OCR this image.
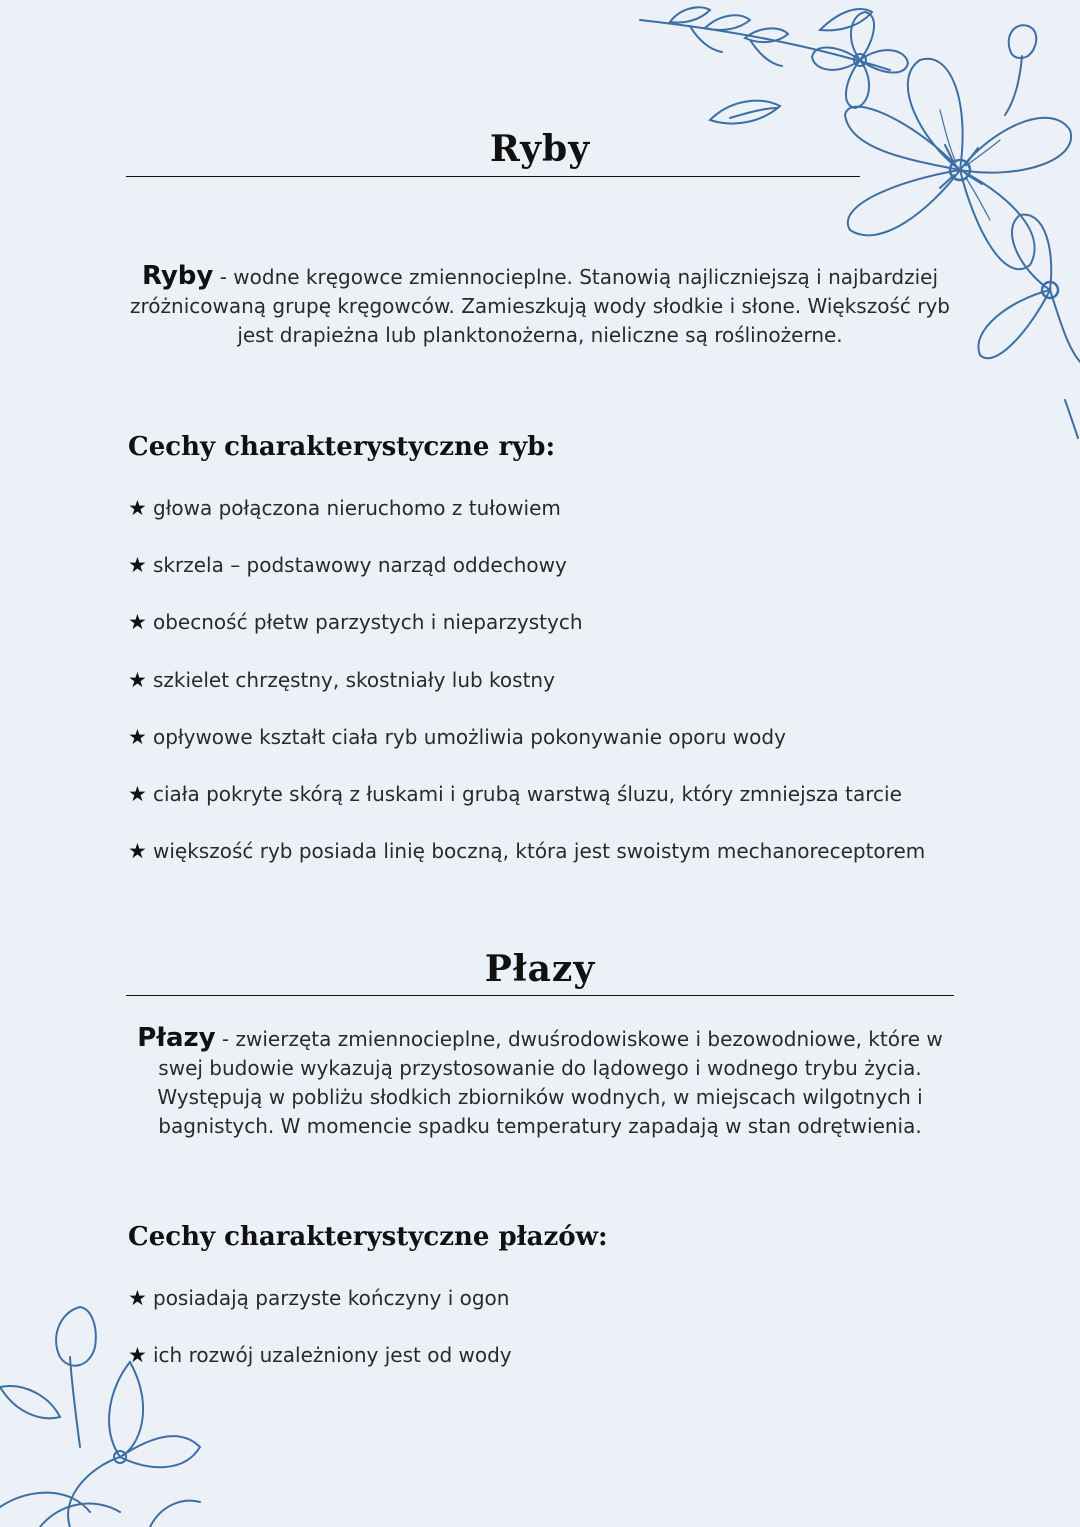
Ryby

Ryby - wodne kręgowce zmiennocieplne. Stanowią najliczniejszą i najbardziej zróżnicowaną grupę kręgowców. Zamieszkują wody słodkie i słone. Większość ryb jest drapieżna lub planktonożerna, nieliczne są roślinożerne.

Cechy charakterystyczne ryb:
★ głowa połączona nieruchomo z tułowiem
★ skrzela – podstawowy narząd oddechowy
★ obecność płetw parzystych i nieparzystych
★ szkielet chrzęstny, skostniały lub kostny
★ opływowe kształt ciała ryb umożliwia pokonywanie oporu wody
★ ciała pokryte skórą z łuskami i grubą warstwą śluzu, który zmniejsza tarcie
★ większość ryb posiada linię boczną, która jest swoistym mechanoreceptorem
Płazy

Płazy - zwierzęta zmiennocieplne, dwuśrodowiskowe i bezowodniowe, które w swej budowie wykazują przystosowanie do lądowego i wodnego trybu życia. Występują w pobliżu słodkich zbiorników wodnych, w miejscach wilgotnych i bagnistych. W momencie spadku temperatury zapadają w stan odrętwienia.

Cechy charakterystyczne płazów:
★ posiadają parzyste kończyny i ogon
★ ich rozwój uzależniony jest od wody
